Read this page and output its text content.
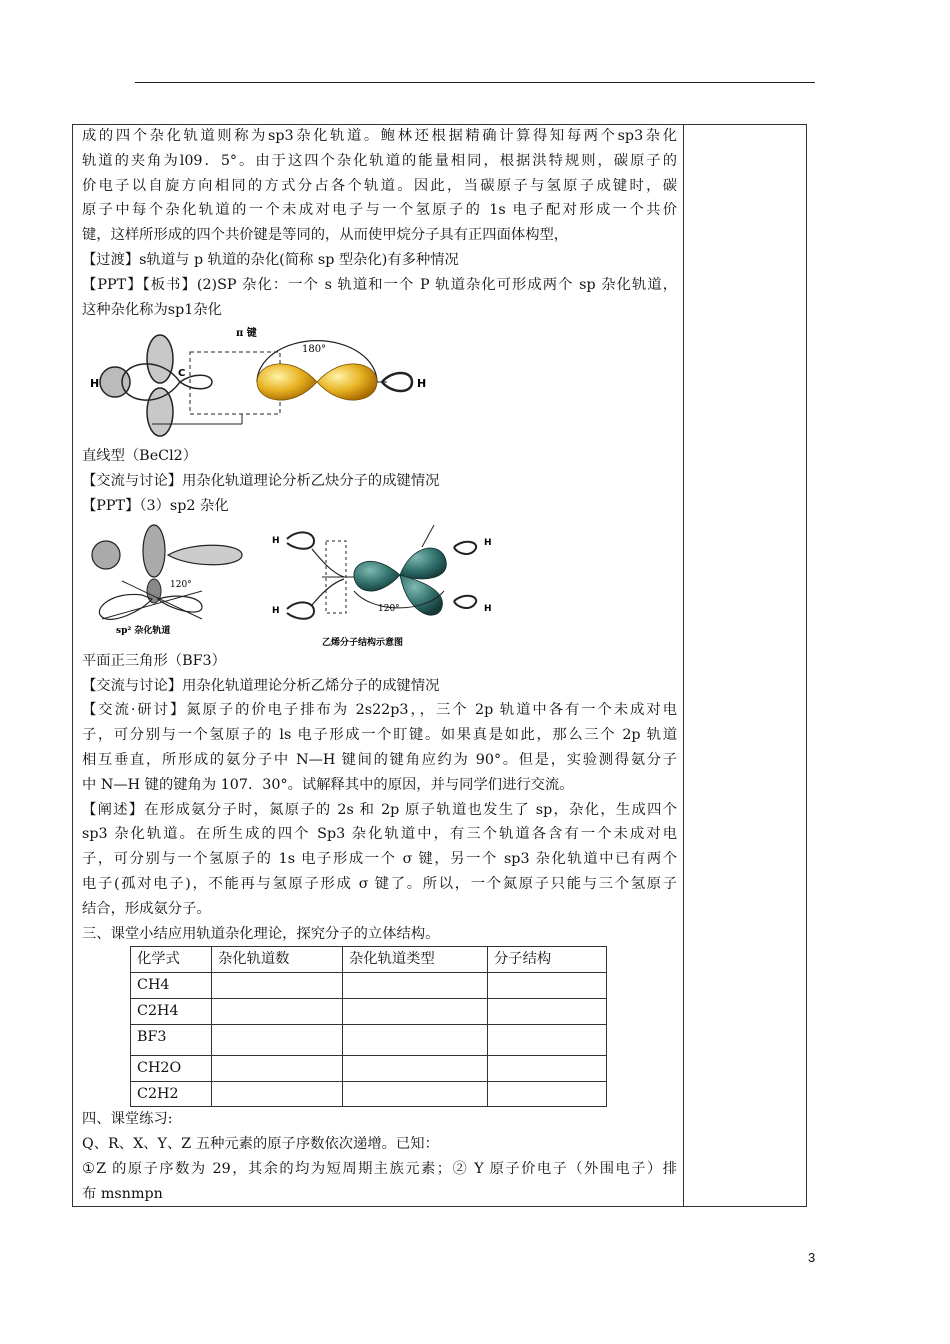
成的四个杂化轨道则称为sp3杂化轨道。鲍林还根据精确计算得知每两个sp3杂化

轨道的夹角为l09．5°。由于这四个杂化轨道的能量相同，根据洪特规则，碳原子的

价电子以自旋方向相同的方式分占各个轨道。因此，当碳原子与氢原子成键时，碳

原子中每个杂化轨道的一个未成对电子与一个氢原子的 1s 电子配对形成一个共价

键，这样所形成的四个共价键是等同的，从而使甲烷分子具有正四面体构型，

【过渡】s轨道与 p 轨道的杂化(简称 sp 型杂化)有多种情况

【PPT】【板书】(2)SP 杂化：一个 s 轨道和一个 P 轨道杂化可形成两个 sp 杂化轨道，

这种杂化称为sp1杂化

H
C
π 键
180°
H

直线型（BeCl2）

【交流与讨论】用杂化轨道理论分析乙炔分子的成键情况

【PPT】（3）sp2 杂化

120°
sp² 杂化轨道
H
H	120°
H
H
乙烯分子结构示意图

平面正三角形（BF3）

【交流与讨论】用杂化轨道理论分析乙烯分子的成键情况

【交流·研讨】氮原子的价电子排布为 2s22p3，，三个 2p 轨道中各有一个未成对电

子，可分别与一个氢原子的 ls 电子形成一个盯键。如果真是如此，那么三个 2p 轨道

相互垂直，所形成的氨分子中 N—H 键间的键角应约为 90°。但是，实验测得氨分子

中 N—H 键的键角为 107．30°。试解释其中的原因，并与同学们进行交流。

【阐述】在形成氨分子时，氮原子的 2s 和 2p 原子轨道也发生了 sp，杂化，生成四个

sp3 杂化轨道。在所生成的四个 Sp3 杂化轨道中，有三个轨道各含有一个未成对电

子，可分别与一个氢原子的 1s 电子形成一个 σ 键，另一个 sp3 杂化轨道中已有两个

电子(孤对电子)，不能再与氢原子形成 σ 键了。所以，一个氮原子只能与三个氢原子

结合，形成氨分子。

三、课堂小结应用轨道杂化理论，探究分子的立体结构。

化学式	杂化轨道数	杂化轨道类型	分子结构
CH4			
C2H4			
BF3			
CH2O			
C2H2			

四、课堂练习:

Q、R、X、Y、Z 五种元素的原子序数依次递增。已知：

①Z 的原子序数为 29，其余的均为短周期主族元素；② Y 原子价电子（外围电子）排

布 msnmpn

3
